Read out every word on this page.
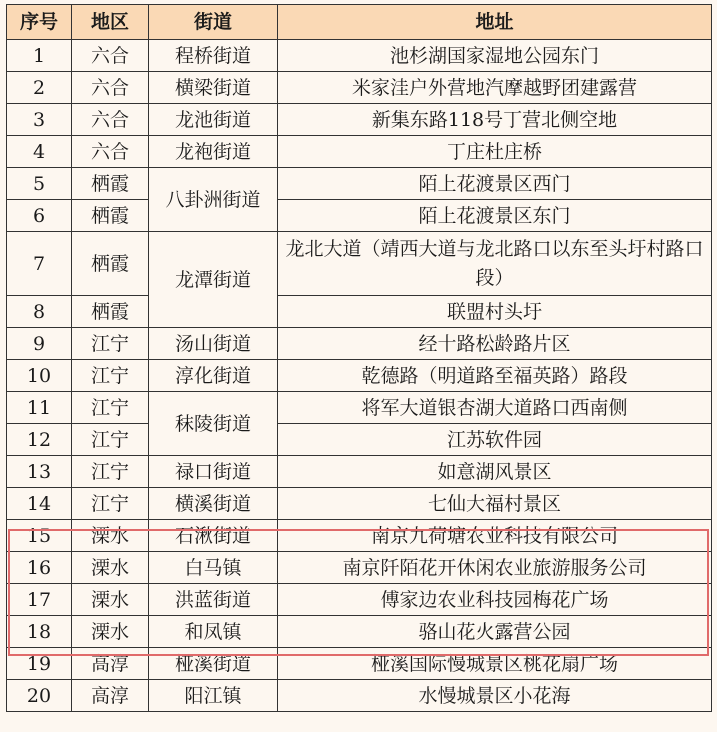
序号	地区	街道	地址
1	六合	程桥街道	池杉湖国家湿地公园东门
2	六合	横梁街道	米家洼户外营地汽摩越野团建露营
3	六合	龙池街道	新集东路118号丁营北侧空地
4	六合	龙袍街道	丁庄杜庄桥
5	栖霞	八卦洲街道	陌上花渡景区西门
6	栖霞		陌上花渡景区东门
7	栖霞	龙潭街道	龙北大道（靖西大道与龙北路口以东至头圩村路口段）
8	栖霞		联盟村头圩
9	江宁	汤山街道	经十路松龄路片区
10	江宁	淳化街道	乾德路（明道路至福英路）路段
11	江宁	秣陵街道	将军大道银杏湖大道路口西南侧
12	江宁		江苏软件园
13	江宁	禄口街道	如意湖风景区
14	江宁	横溪街道	七仙大福村景区
15	溧水	石湫街道	南京九荷塘农业科技有限公司
16	溧水	白马镇	南京阡陌花开休闲农业旅游服务公司
17	溧水	洪蓝街道	傅家边农业科技园梅花广场
18	溧水	和凤镇	骆山花火露营公园
19	高淳	桠溪街道	桠溪国际慢城景区桃花扇广场
20	高淳	阳江镇	水慢城景区小花海
